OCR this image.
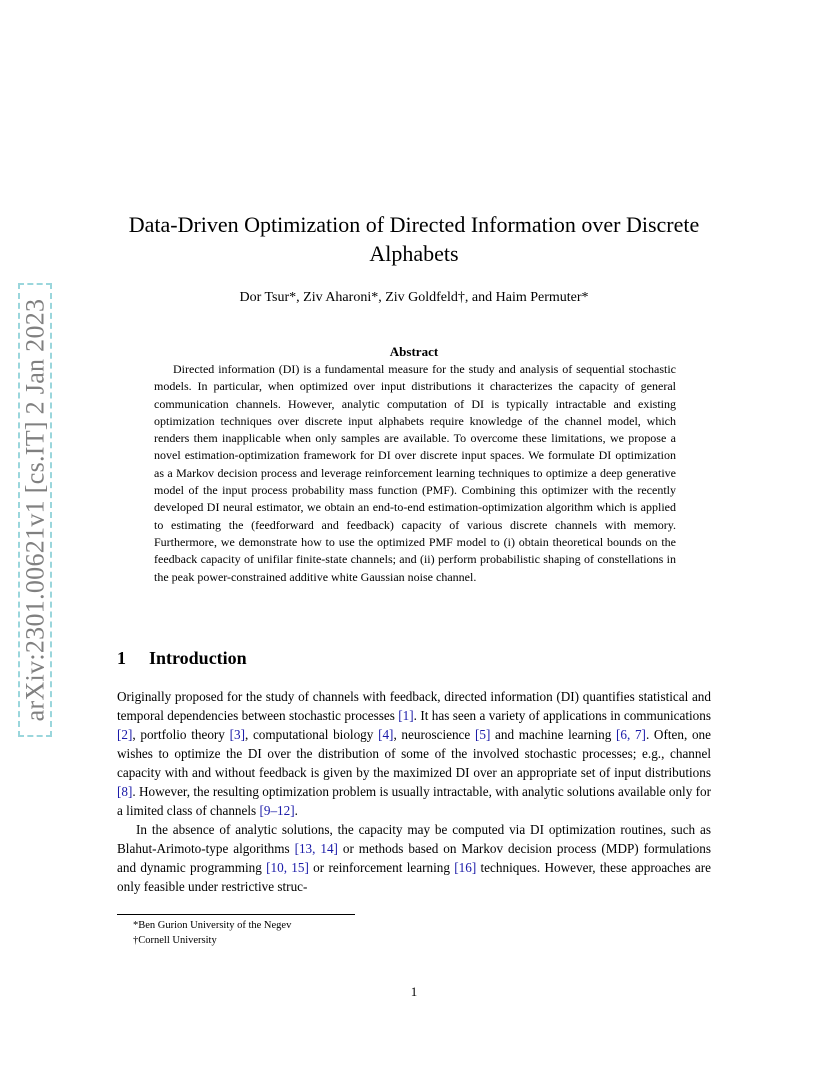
arXiv:2301.00621v1 [cs.IT] 2 Jan 2023
Data-Driven Optimization of Directed Information over Discrete Alphabets
Dor Tsur*, Ziv Aharoni*, Ziv Goldfeld†, and Haim Permuter*
Abstract

Directed information (DI) is a fundamental measure for the study and analysis of sequential stochastic models. In particular, when optimized over input distributions it characterizes the capacity of general communication channels. However, analytic computation of DI is typically intractable and existing optimization techniques over discrete input alphabets require knowledge of the channel model, which renders them inapplicable when only samples are available. To overcome these limitations, we propose a novel estimation-optimization framework for DI over discrete input spaces. We formulate DI optimization as a Markov decision process and leverage reinforcement learning techniques to optimize a deep generative model of the input process probability mass function (PMF). Combining this optimizer with the recently developed DI neural estimator, we obtain an end-to-end estimation-optimization algorithm which is applied to estimating the (feedforward and feedback) capacity of various discrete channels with memory. Furthermore, we demonstrate how to use the optimized PMF model to (i) obtain theoretical bounds on the feedback capacity of unifilar finite-state channels; and (ii) perform probabilistic shaping of constellations in the peak power-constrained additive white Gaussian noise channel.

1 Introduction

Originally proposed for the study of channels with feedback, directed information (DI) quantifies statistical and temporal dependencies between stochastic processes [1]. It has seen a variety of applications in communications [2], portfolio theory [3], computational biology [4], neuroscience [5] and machine learning [6, 7]. Often, one wishes to optimize the DI over the distribution of some of the involved stochastic processes; e.g., channel capacity with and without feedback is given by the maximized DI over an appropriate set of input distributions [8]. However, the resulting optimization problem is usually intractable, with analytic solutions available only for a limited class of channels [9–12].

In the absence of analytic solutions, the capacity may be computed via DI optimization routines, such as Blahut-Arimoto-type algorithms [13, 14] or methods based on Markov decision process (MDP) formulations and dynamic programming [10, 15] or reinforcement learning [16] techniques. However, these approaches are only feasible under restrictive struc-

*Ben Gurion University of the Negev
†Cornell University
1
